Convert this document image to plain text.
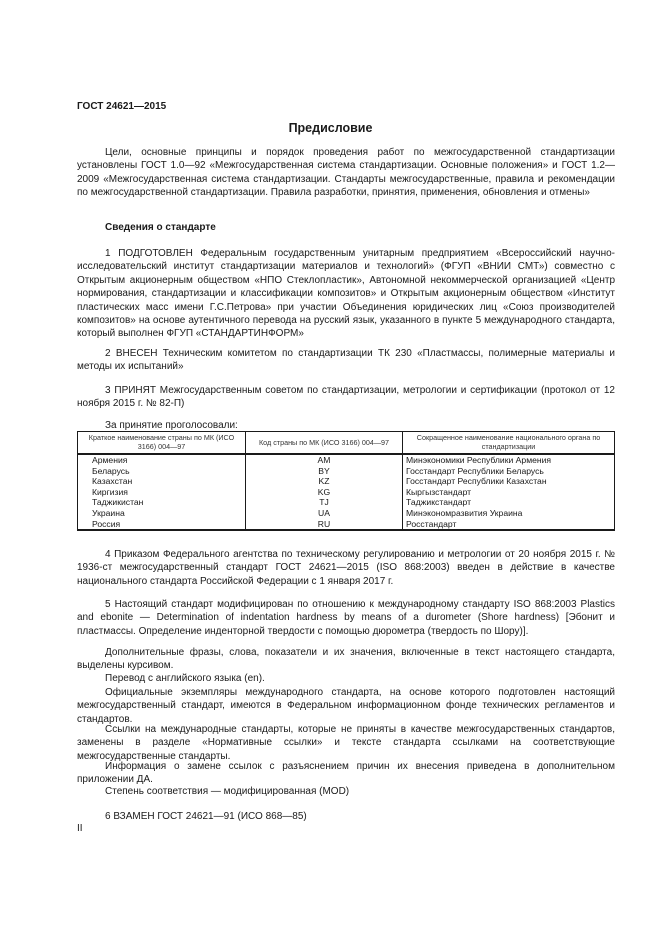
ГОСТ 24621—2015
Предисловие

Цели, основные принципы и порядок проведения работ по межгосударственной стандартизации установлены ГОСТ 1.0—92 «Межгосударственная система стандартизации. Основные положения» и ГОСТ 1.2—2009 «Межгосударственная система стандартизации. Стандарты межгосударственные, правила и рекомендации по межгосударственной стандартизации. Правила разработки, принятия, применения, обновления и отмены»

Сведения о стандарте

1 ПОДГОТОВЛЕН Федеральным государственным унитарным предприятием «Всероссийский научно-исследовательский институт стандартизации материалов и технологий» (ФГУП «ВНИИ СМТ») совместно с Открытым акционерным обществом «НПО Стеклопластик», Автономной некоммерческой организацией «Центр нормирования, стандартизации и классификации композитов» и Открытым акционерным обществом «Институт пластических масс имени Г.С.Петрова» при участии Объединения юридических лиц «Союз производителей композитов» на основе аутентичного перевода на русский язык, указанного в пункте 5 международного стандарта, который выполнен ФГУП «СТАНДАРТИНФОРМ»

2 ВНЕСЕН Техническим комитетом по стандартизации ТК 230 «Пластмассы, полимерные материалы и методы их испытаний»

3 ПРИНЯТ Межгосударственным советом по стандартизации, метрологии и сертификации (протокол от 12 ноября 2015 г. № 82-П)

За принятие проголосовали:
Краткое наименование страны по МК (ИСО 3166) 004—97	Код страны по МК (ИСО 3166) 004—97	Сокращенное наименование национального органа по стандартизации
Армения	AM	Минэкономики Республики Армения
Беларусь	BY	Госстандарт Республики Беларусь
Казахстан	KZ	Госстандарт Республики Казахстан
Киргизия	KG	Кыргызстандарт
Таджикистан	TJ	Таджикстандарт
Украина	UA	Минэкономразвития Украина
Россия	RU	Росстандарт

4 Приказом Федерального агентства по техническому регулированию и метрологии от 20 ноября 2015 г. № 1936-ст межгосударственный стандарт ГОСТ 24621—2015 (ISO 868:2003) введен в действие в качестве национального стандарта Российской Федерации с 1 января 2017 г.

5 Настоящий стандарт модифицирован по отношению к международному стандарту ISO 868:2003 Plastics and ebonite — Determination of indentation hardness by means of a durometer (Shore hardness) [Эбонит и пластмассы. Определение инденторной твердости с помощью дюрометра (твердость по Шору)].

Дополнительные фразы, слова, показатели и их значения, включенные в текст настоящего стандарта, выделены курсивом.

Перевод с английского языка (en).

Официальные экземпляры международного стандарта, на основе которого подготовлен настоящий межгосударственный стандарт, имеются в Федеральном информационном фонде технических регламентов и стандартов.

Ссылки на международные стандарты, которые не приняты в качестве межгосударственных стандартов, заменены в разделе «Нормативные ссылки» и тексте стандарта ссылками на соответствующие межгосударственные стандарты.

Информация о замене ссылок с разъяснением причин их внесения приведена в дополнительном приложении ДА.

Степень соответствия — модифицированная (MOD)

6 ВЗАМЕН ГОСТ 24621—91 (ИСО 868—85)

II
